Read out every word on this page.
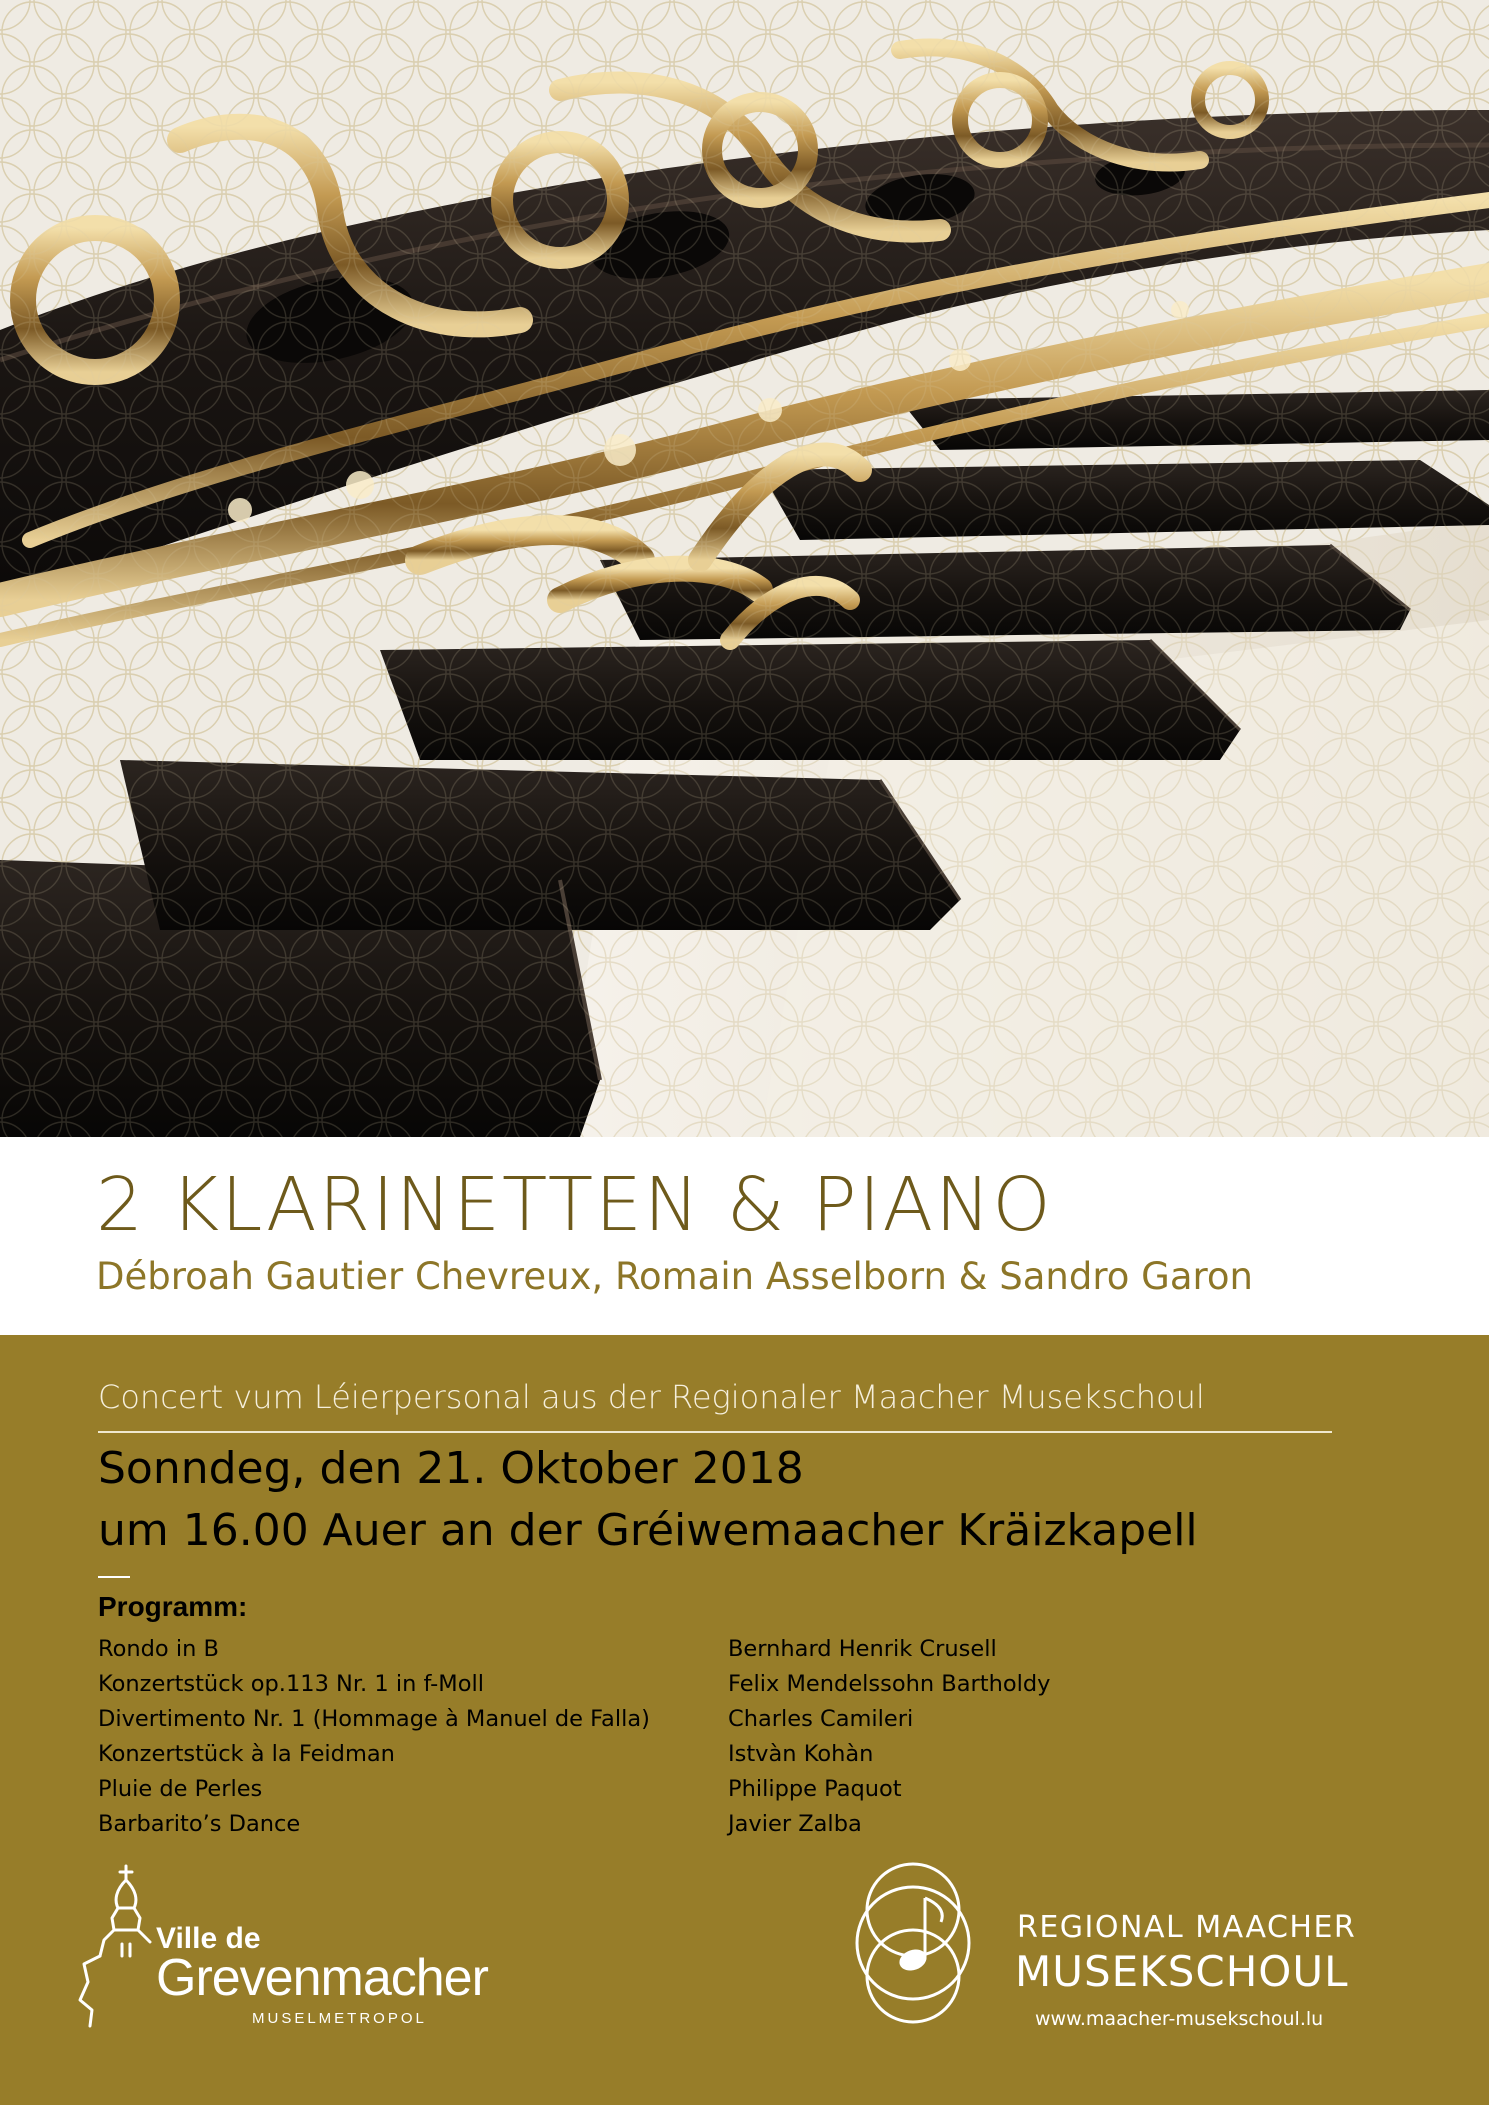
2 KLARINETTEN & PIANO

Débroah Gautier Chevreux, Romain Asselborn & Sandro Garon

Concert vum Léierpersonal aus der Regionaler Maacher Musekschoul
Sonndeg, den 21. Oktober 2018
um 16.00 Auer an der Gréiwemaacher Kräizkapell
Programm:
Rondo in B
Konzertstück op.113 Nr. 1 in f-Moll
Divertimento Nr. 1 (Hommage à Manuel de Falla)
Konzertstück à la Feidman
Pluie de Perles
Barbarito’s Dance
Bernhard Henrik Crusell
Felix Mendelssohn Bartholdy
Charles Camileri
Istvàn Kohàn
Philippe Paquot
Javier Zalba
Ville de
Grevenmacher
MUSELMETROPOL
REGIONAL MAACHER
MUSEKSCHOUL
www.maacher-musekschoul.lu
